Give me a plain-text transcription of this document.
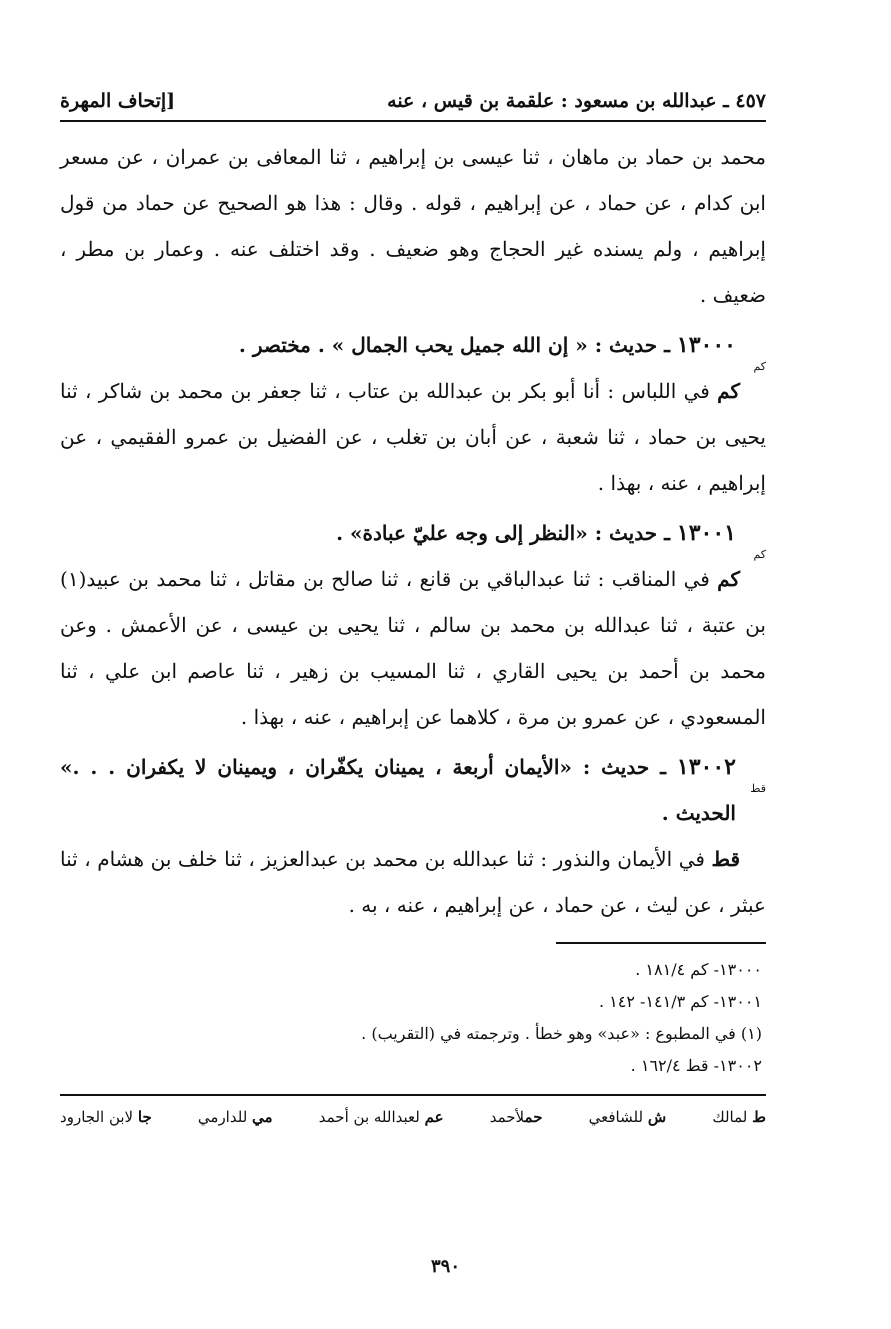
٤٥٧ ـ عبدالله بن مسعود : علقمة بن قيس ، عنه
[إتحاف المهرة

محمد بن حماد بن ماهان ، ثنا عيسى بن إبراهيم ، ثنا المعافى بن عمران ، عن مسعر ابن كدام ، عن حماد ، عن إبراهيم ، قوله . وقال : هذا هو الصحيح عن حماد من قول إبراهيم ، ولم يسنده غير الحجاج وهو ضعيف . وقد اختلف عنه . وعمار بن مطر ، ضعيف .

١٣٠٠٠ ـ حديث : « إن الله جميل يحب الجمال » . مختصر .
كم

كم في اللباس : أنا أبو بكر بن عبدالله بن عتاب ، ثنا جعفر بن محمد بن شاكر ، ثنا يحيى بن حماد ، ثنا شعبة ، عن أبان بن تغلب ، عن الفضيل بن عمرو الفقيمي ، عن إبراهيم ، عنه ، بهذا .

١٣٠٠١ ـ حديث : «النظر إلى وجه عليّ عبادة» .
كم

كم في المناقب : ثنا عبدالباقي بن قانع ، ثنا صالح بن مقاتل ، ثنا محمد بن عبيد(١) بن عتبة ، ثنا عبدالله بن محمد بن سالم ، ثنا يحيى بن عيسى ، عن الأعمش . وعن محمد بن أحمد بن يحيى القاري ، ثنا المسيب بن زهير ، ثنا عاصم ابن علي ، ثنا المسعودي ، عن عمرو بن مرة ، كلاهما عن إبراهيم ، عنه ، بهذا .

١٣٠٠٢ ـ حديث : «الأيمان أربعة ، يمينان يكفّران ، ويمينان لا يكفران . . .» الحديث .
قط

قط في الأيمان والنذور : ثنا عبدالله بن محمد بن عبدالعزيز ، ثنا خلف بن هشام ، ثنا عبثر ، عن ليث ، عن حماد ، عن إبراهيم ، عنه ، به .

١٣٠٠٠- كم ١٨١/٤ .

١٣٠٠١- كم ١٤١/٣- ١٤٢ .

(١) في المطبوع : «عبد» وهو خطأ . وترجمته في (التقريب) .

١٣٠٠٢- قط ١٦٢/٤ .

ط لمالك
ش للشافعي
حملأحمد
عم لعبدالله بن أحمد
مي للدارمي
جا لابن الجارود
٣٩٠
